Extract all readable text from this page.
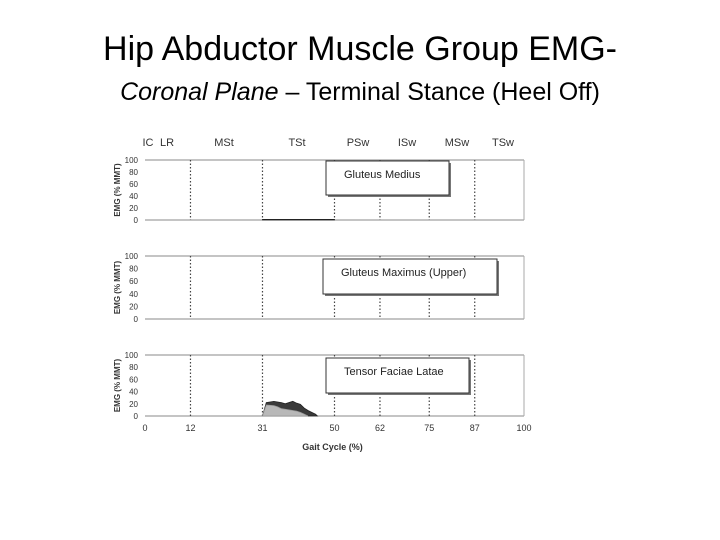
Hip Abductor Muscle Group EMG-
Coronal Plane – Terminal Stance (Heel Off)
IC LR	MSt	TSt	PSw	ISw	MSw TSw
0
20
40
60
80
100
EMG (% MMT)	Gluteus Medius
0
20
40
60
80
100
EMG (% MMT)	Gluteus Maximus (Upper)
0
20
40
60
80
100
EMG (% MMT)	Tensor Faciae Latae
0	12	31	50	62	75	87	100
Gait Cycle (%)
